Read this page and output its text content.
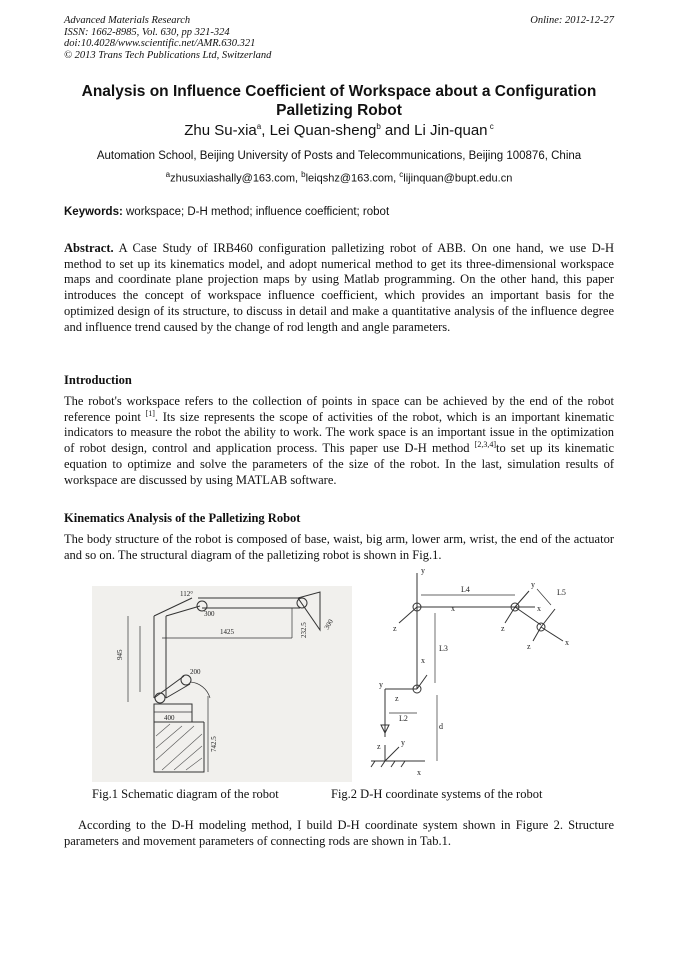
Advanced Materials Research
ISSN: 1662-8985, Vol. 630, pp 321-324
doi:10.4028/www.scientific.net/AMR.630.321
© 2013 Trans Tech Publications Ltd, Switzerland
Online: 2012-12-27
Analysis on Influence Coefficient of Workspace about a Configuration
Palletizing Robot
Zhu Su-xia$^a$, Lei Quan-sheng$^b$ and Li Jin-quan $^c$
Automation School, Beijing University of Posts and Telecommunications, Beijing 100876, China
$^a$zhusuxiashally@163.com, $^b$leiqshz@163.com, $^c$lijinquan@bupt.edu.cn
Keywords: workspace; D-H method; influence coefficient; robot
Abstract. A Case Study of IRB460 configuration palletizing robot of ABB. On one hand, we use D-H method to set up its kinematics model, and adopt numerical method to get its three-dimensional workspace maps and coordinate plane projection maps by using Matlab programming. On the other hand, this paper introduces the concept of workspace influence coefficient, which provides an important basis for the optimized design of its structure, to discuss in detail and make a quantitative analysis of the influence degree and influence trend caused by the change of rod length and angle parameters.
Introduction
The robot's workspace refers to the collection of points in space can be achieved by the end of the robot reference point [1]. Its size represents the scope of activities of the robot, which is an important kinematic indicators to measure the robot the ability to work. The work space is an important issue in the optimization of robot design, control and application process. This paper use D-H method [2,3,4]to set up its kinematic equation to optimize and solve the parameters of the size of the robot. In the last, simulation results of workspace are discussed by using MATLAB software.
Kinematics Analysis of the Palletizing Robot
The body structure of the robot is composed of base, waist, big arm, lower arm, wrist, the end of the actuator and so on. The structural diagram of the palletizing robot is shown in Fig.1.
112°
300
945
1425	232.5 300
200
400
742.5
L4	L5
L3
L2
d
y
x
z
y
x
z
x
z
x
y
z
z	y
x
Fig.1 Schematic diagram of the robot	Fig.2 D-H coordinate systems of the robot
According to the D-H modeling method, I build D-H coordinate system shown in Figure 2. Structure parameters and movement parameters of connecting rods are shown in Tab.1.
